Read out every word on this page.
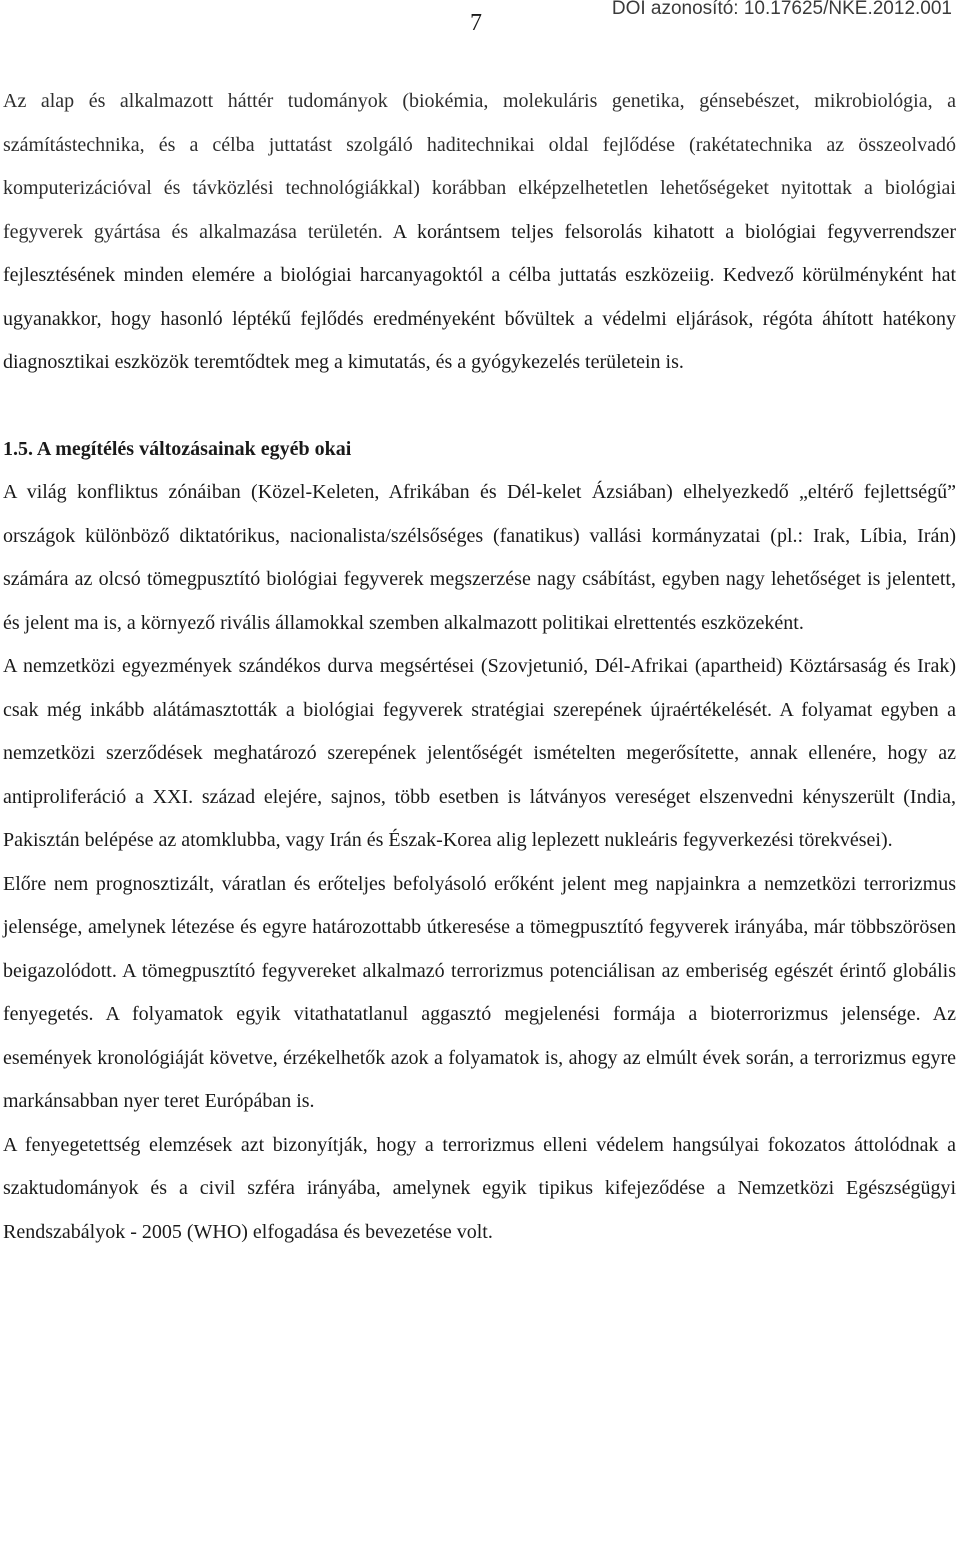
7
DOI azonosító: 10.17625/NKE.2012.001

Az alap és alkalmazott háttér tudományok (biokémia, molekuláris genetika, génsebészet, mikrobiológia, a számítástechnika, és a célba juttatást szolgáló haditechnikai oldal fejlődése (rakétatechnika az összeolvadó komputerizációval és távközlési technológiákkal) korábban elképzelhetetlen lehetőségeket nyitottak a biológiai fegyverek gyártása és alkalmazása területén. A korántsem teljes felsorolás kihatott a biológiai fegyverrendszer fejlesztésének minden elemére a biológiai harcanyagoktól a célba juttatás eszközeiig. Kedvező körülményként hat ugyanakkor, hogy hasonló léptékű fejlődés eredményeként bővültek a védelmi eljárások, régóta áhított hatékony diagnosztikai eszközök teremtődtek meg a kimutatás, és a gyógykezelés területein is.

1.5. A megítélés változásainak egyéb okai

A világ konfliktus zónáiban (Közel-Keleten, Afrikában és Dél-kelet Ázsiában) elhelyezkedő „eltérő fejlettségű” országok különböző diktatórikus, nacionalista/szélsőséges (fanatikus) vallási kormányzatai (pl.: Irak, Líbia, Irán) számára az olcsó tömegpusztító biológiai fegyverek megszerzése nagy csábítást, egyben nagy lehetőséget is jelentett, és jelent ma is, a környező rivális államokkal szemben alkalmazott politikai elrettentés eszközeként.

A nemzetközi egyezmények szándékos durva megsértései (Szovjetunió, Dél-Afrikai (apartheid) Köztársaság és Irak) csak még inkább alátámasztották a biológiai fegyverek stratégiai szerepének újraértékelését. A folyamat egyben a nemzetközi szerződések meghatározó szerepének jelentőségét ismételten megerősítette, annak ellenére, hogy az antiproliferáció a XXI. század elejére, sajnos, több esetben is látványos vereséget elszenvedni kényszerült (India, Pakisztán belépése az atomklubba, vagy Irán és Észak-Korea alig leplezett nukleáris fegyverkezési törekvései).

Előre nem prognosztizált, váratlan és erőteljes befolyásoló erőként jelent meg napjainkra a nemzetközi terrorizmus jelensége, amelynek létezése és egyre határozottabb útkeresése a tömegpusztító fegyverek irányába, már többszörösen beigazolódott. A tömegpusztító fegyvereket alkalmazó terrorizmus potenciálisan az emberiség egészét érintő globális fenyegetés. A folyamatok egyik vitathatatlanul aggasztó megjelenési formája a bioterrorizmus jelensége. Az események kronológiáját követve, érzékelhetők azok a folyamatok is, ahogy az elmúlt évek során, a terrorizmus egyre markánsabban nyer teret Európában is.

A fenyegetettség elemzések azt bizonyítják, hogy a terrorizmus elleni védelem hangsúlyai fokozatos áttolódnak a szaktudományok és a civil szféra irányába, amelynek egyik tipikus kifejeződése a Nemzetközi Egészségügyi Rendszabályok - 2005 (WHO) elfogadása és bevezetése volt.
